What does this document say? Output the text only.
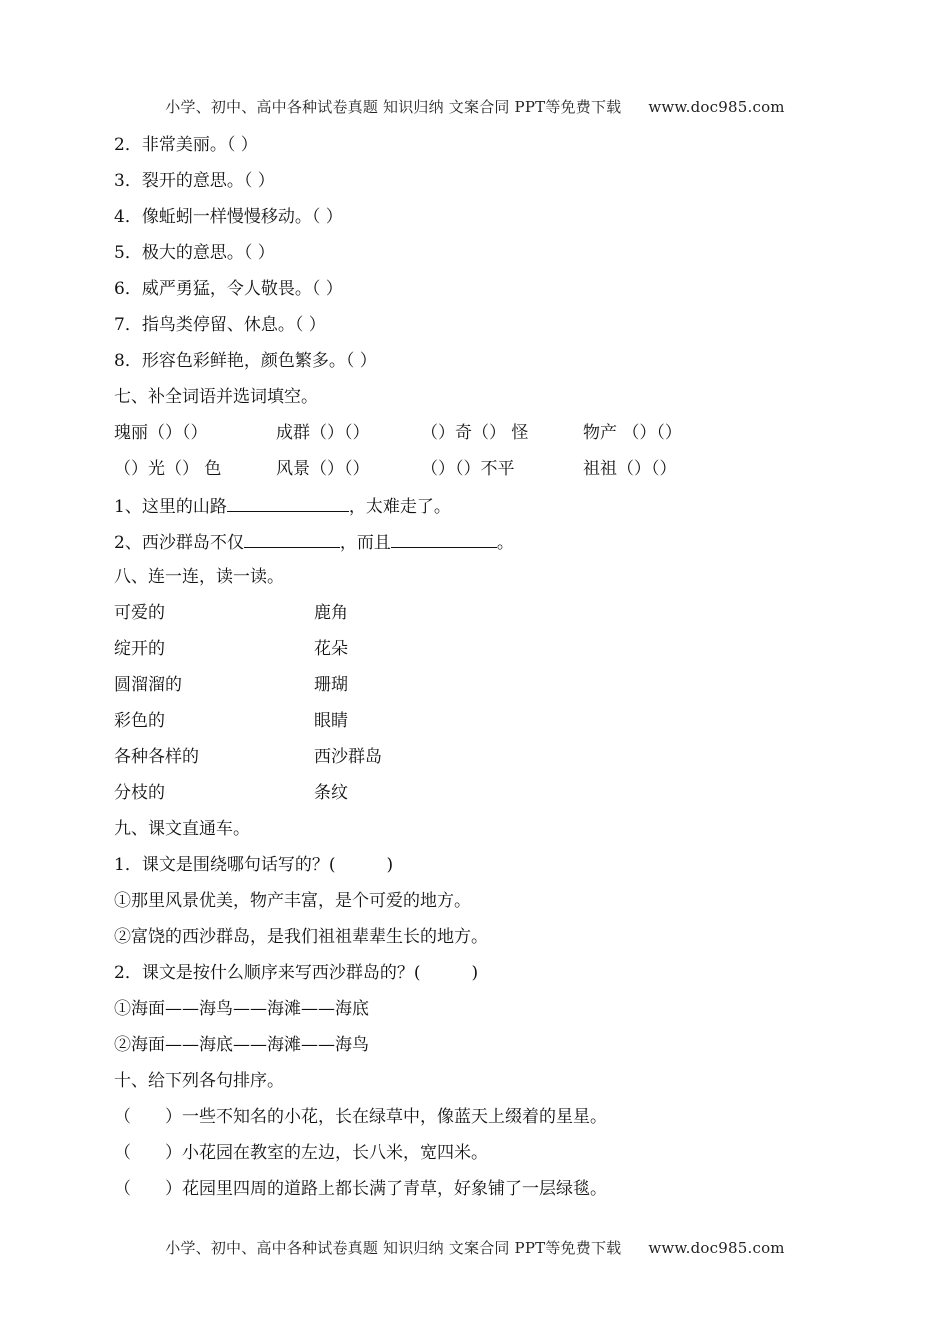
小学、初中、高中各种试卷真题 知识归纳 文案合同 PPT等免费下载 www.doc985.com
2．非常美丽。（ ）
3．裂开的意思。（ ）
4．像蚯蚓一样慢慢移动。（ ）
5．极大的意思。（ ）
6．威严勇猛，令人敬畏。（ ）
7．指鸟类停留、休息。（ ）
8．形容色彩鲜艳，颜色繁多。（ ）
七、补全词语并选词填空。
瑰丽（）（）	成群（）（）	（）奇（） 怪	物产 （）（）
（）光（） 色	风景（）（）	（）（）不平	祖祖（）（）
1、这里的山路	，太难走了。
2、西沙群岛不仅	，而且	。
八、连一连，读一读。
可爱的	鹿角
绽开的	花朵
圆溜溜的	珊瑚
彩色的	眼睛
各种各样的	西沙群岛
分枝的	条纹
九、课文直通车。
1．课文是围绕哪句话写的？(　　　)
①那里风景优美，物产丰富，是个可爱的地方。
②富饶的西沙群岛，是我们祖祖辈辈生长的地方。
2．课文是按什么顺序来写西沙群岛的？(　　　)
①海面——海鸟——海滩——海底
②海面——海底——海滩——海鸟
十、给下列各句排序。
（　　）一些不知名的小花，长在绿草中，像蓝天上缀着的星星。
（　　）小花园在教室的左边，长八米，宽四米。
（　　）花园里四周的道路上都长满了青草，好象铺了一层绿毯。
小学、初中、高中各种试卷真题 知识归纳 文案合同 PPT等免费下载 www.doc985.com
